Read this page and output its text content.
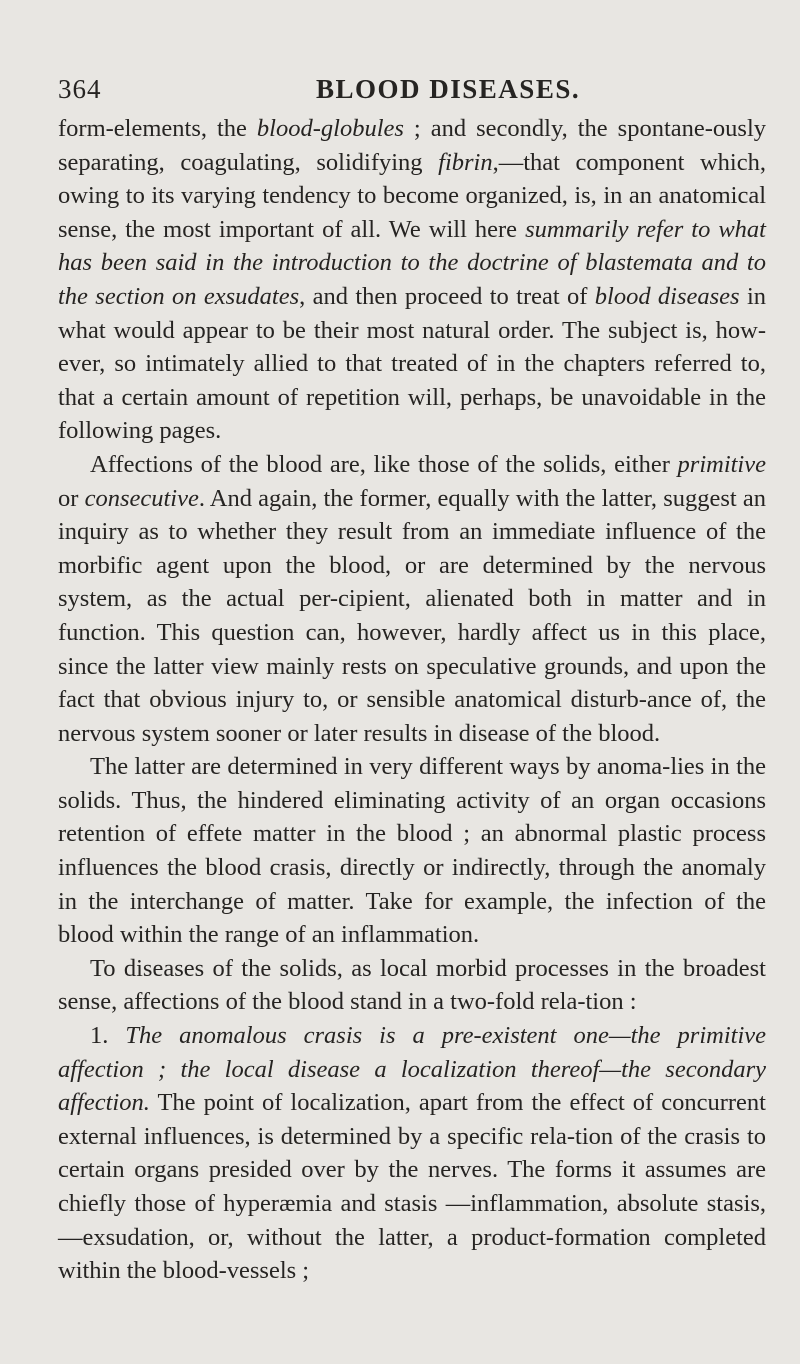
364	BLOOD DISEASES.

form-elements, the blood-globules ; and secondly, the spontane-ously separating, coagulating, solidifying fibrin,—that component which, owing to its varying tendency to become organized, is, in an anatomical sense, the most important of all. We will here summarily refer to what has been said in the introduction to the doctrine of blastemata and to the section on exsudates, and then proceed to treat of blood diseases in what would appear to be their most natural order. The subject is, how-ever, so intimately allied to that treated of in the chapters referred to, that a certain amount of repetition will, perhaps, be unavoidable in the following pages.

Affections of the blood are, like those of the solids, either primitive or consecutive. And again, the former, equally with the latter, suggest an inquiry as to whether they result from an immediate influence of the morbific agent upon the blood, or are determined by the nervous system, as the actual per-cipient, alienated both in matter and in function. This question can, however, hardly affect us in this place, since the latter view mainly rests on speculative grounds, and upon the fact that obvious injury to, or sensible anatomical disturb-ance of, the nervous system sooner or later results in disease of the blood.

The latter are determined in very different ways by anoma-lies in the solids. Thus, the hindered eliminating activity of an organ occasions retention of effete matter in the blood ; an abnormal plastic process influences the blood crasis, directly or indirectly, through the anomaly in the interchange of matter. Take for example, the infection of the blood within the range of an inflammation.

To diseases of the solids, as local morbid processes in the broadest sense, affections of the blood stand in a two-fold rela-tion :

1. The anomalous crasis is a pre-existent one—the primitive affection ; the local disease a localization thereof—the secondary affection. The point of localization, apart from the effect of concurrent external influences, is determined by a specific rela-tion of the crasis to certain organs presided over by the nerves. The forms it assumes are chiefly those of hyperæmia and stasis —inflammation, absolute stasis,—exsudation, or, without the latter, a product-formation completed within the blood-vessels ;
